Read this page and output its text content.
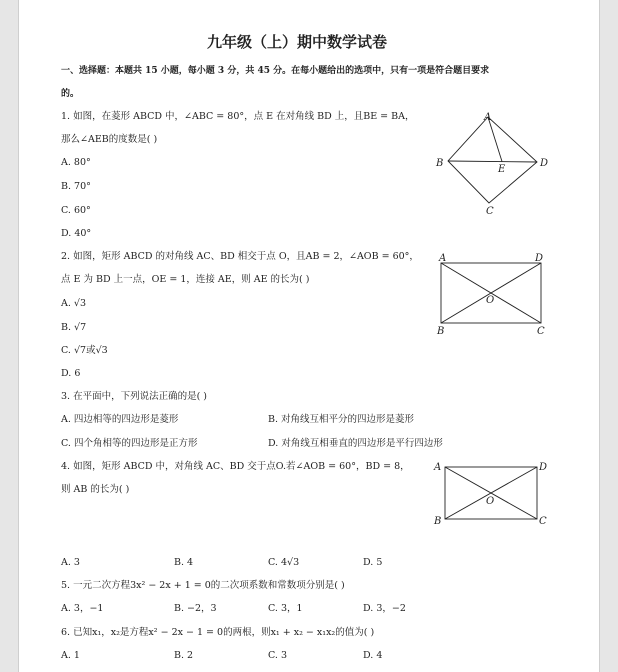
九年级（上）期中数学试卷
一、选择题：本题共 15 小题，每小题 3 分，共 45 分。在每小题给出的选项中，只有一项是符合题目要求
的。
1. 如图，在菱形 ABCD 中，∠ABC = 80°，点 E 在对角线 BD 上，且BE = BA，
那么∠AEB的度数是( )
A. 80°
B. 70°
C. 60°
D. 40°
A
B
C
D
E
2. 如图，矩形 ABCD 的对角线 AC、BD 相交于点 O，且AB = 2，∠AOB = 60°，
点 E 为 BD 上一点，OE = 1，连接 AE，则 AE 的长为( )
A. √3
B. √7
C. √7或√3
D. 6
A	D
O
B	C
3. 在平面中，下列说法正确的是( )
A. 四边相等的四边形是菱形	B. 对角线互相平分的四边形是菱形
C. 四个角相等的四边形是正方形	D. 对角线互相垂直的四边形是平行四边形
4. 如图，矩形 ABCD 中，对角线 AC、BD 交于点O.若∠AOB = 60°，BD = 8，
则 AB 的长为( )
A	D
O
B	C
A. 3	B. 4	C. 4√3	D. 5
5. 一元二次方程3x² − 2x + 1 = 0的二次项系数和常数项分别是( )
A. 3，−1	B. −2，3	C. 3，1	D. 3，−2
6. 已知x₁，x₂是方程x² − 2x − 1 = 0的两根，则x₁ + x₂ − x₁x₂的值为( )
A. 1	B. 2	C. 3	D. 4
